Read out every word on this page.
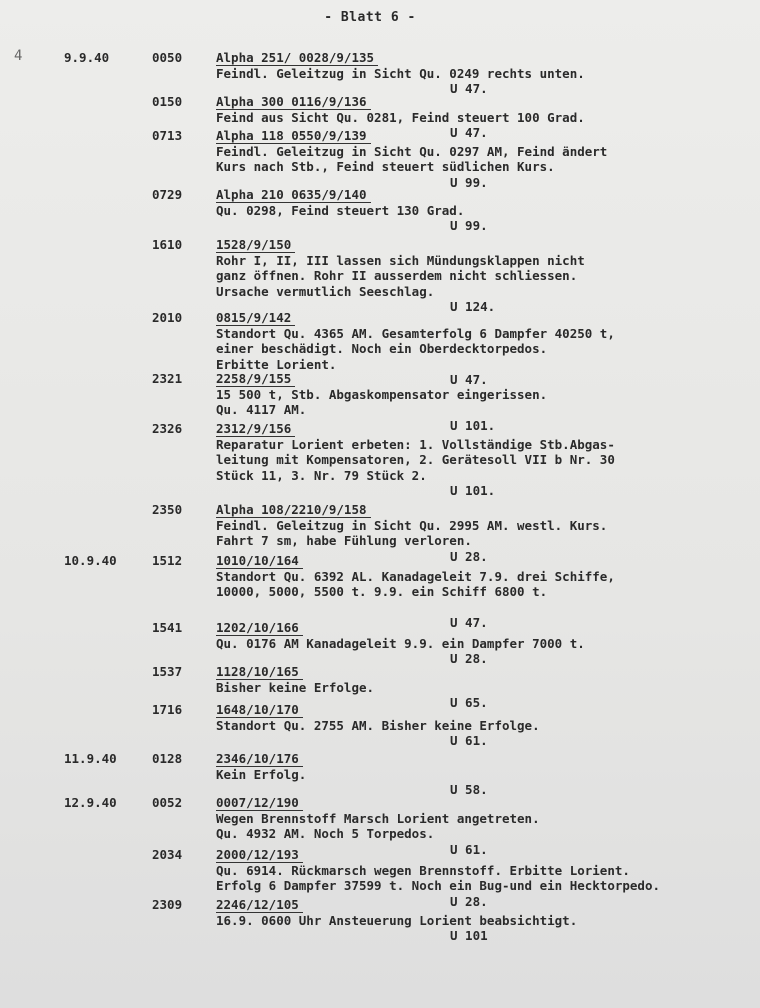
- Blatt 6 -
4	9.9.40	0050	Alpha 251/ 0028/9/135
Feindl. Geleitzug in Sicht Qu. 0249 rechts unten.
U 47.
0150	Alpha 300 0116/9/136
Feind aus Sicht Qu. 0281, Feind steuert 100 Grad.
U 47.
0713	Alpha 118 0550/9/139
Feindl. Geleitzug in Sicht Qu. 0297 AM, Feind ändert
Kurs nach Stb., Feind steuert südlichen Kurs.
U 99.
0729	Alpha 210 0635/9/140
Qu. 0298, Feind steuert 130 Grad.
U 99.
1610	1528/9/150
Rohr I, II, III lassen sich Mündungsklappen nicht
ganz öffnen. Rohr II ausserdem nicht schliessen.
Ursache vermutlich Seeschlag.
U 124.
2010	0815/9/142
Standort Qu. 4365 AM. Gesamterfolg 6 Dampfer 40250 t,
einer beschädigt. Noch ein Oberdecktorpedos.
Erbitte Lorient.
U 47.
2321	2258/9/155
15 500 t, Stb. Abgaskompensator eingerissen.
Qu. 4117 AM.
U 101.
2326	2312/9/156
Reparatur Lorient erbeten: 1. Vollständige Stb.Abgas-
leitung mit Kompensatoren, 2. Gerätesoll VII b Nr. 30
Stück 11, 3. Nr. 79 Stück 2.
U 101.
2350	Alpha 108/2210/9/158
Feindl. Geleitzug in Sicht Qu. 2995 AM. westl. Kurs.
Fahrt 7 sm, habe Fühlung verloren.
U 28.
10.9.40	1512	1010/10/164
Standort Qu. 6392 AL. Kanadageleit 7.9. drei Schiffe,
10000, 5000, 5500 t. 9.9. ein Schiff 6800 t.

U 47.
1541	1202/10/166
Qu. 0176 AM Kanadageleit 9.9. ein Dampfer 7000 t.
U 28.
1537	1128/10/165
Bisher keine Erfolge.
U 65.
1716	1648/10/170
Standort Qu. 2755 AM. Bisher keine Erfolge.
U 61.
11.9.40	0128	2346/10/176
Kein Erfolg.
U 58.
12.9.40	0052	0007/12/190
Wegen Brennstoff Marsch Lorient angetreten.
Qu. 4932 AM. Noch 5 Torpedos.
U 61.
2034	2000/12/193
Qu. 6914. Rückmarsch wegen Brennstoff. Erbitte Lorient.
Erfolg 6 Dampfer 37599 t. Noch ein Bug-und ein Hecktorpedo.
U 28.
2309	2246/12/105
16.9. 0600 Uhr Ansteuerung Lorient beabsichtigt.
U 101
